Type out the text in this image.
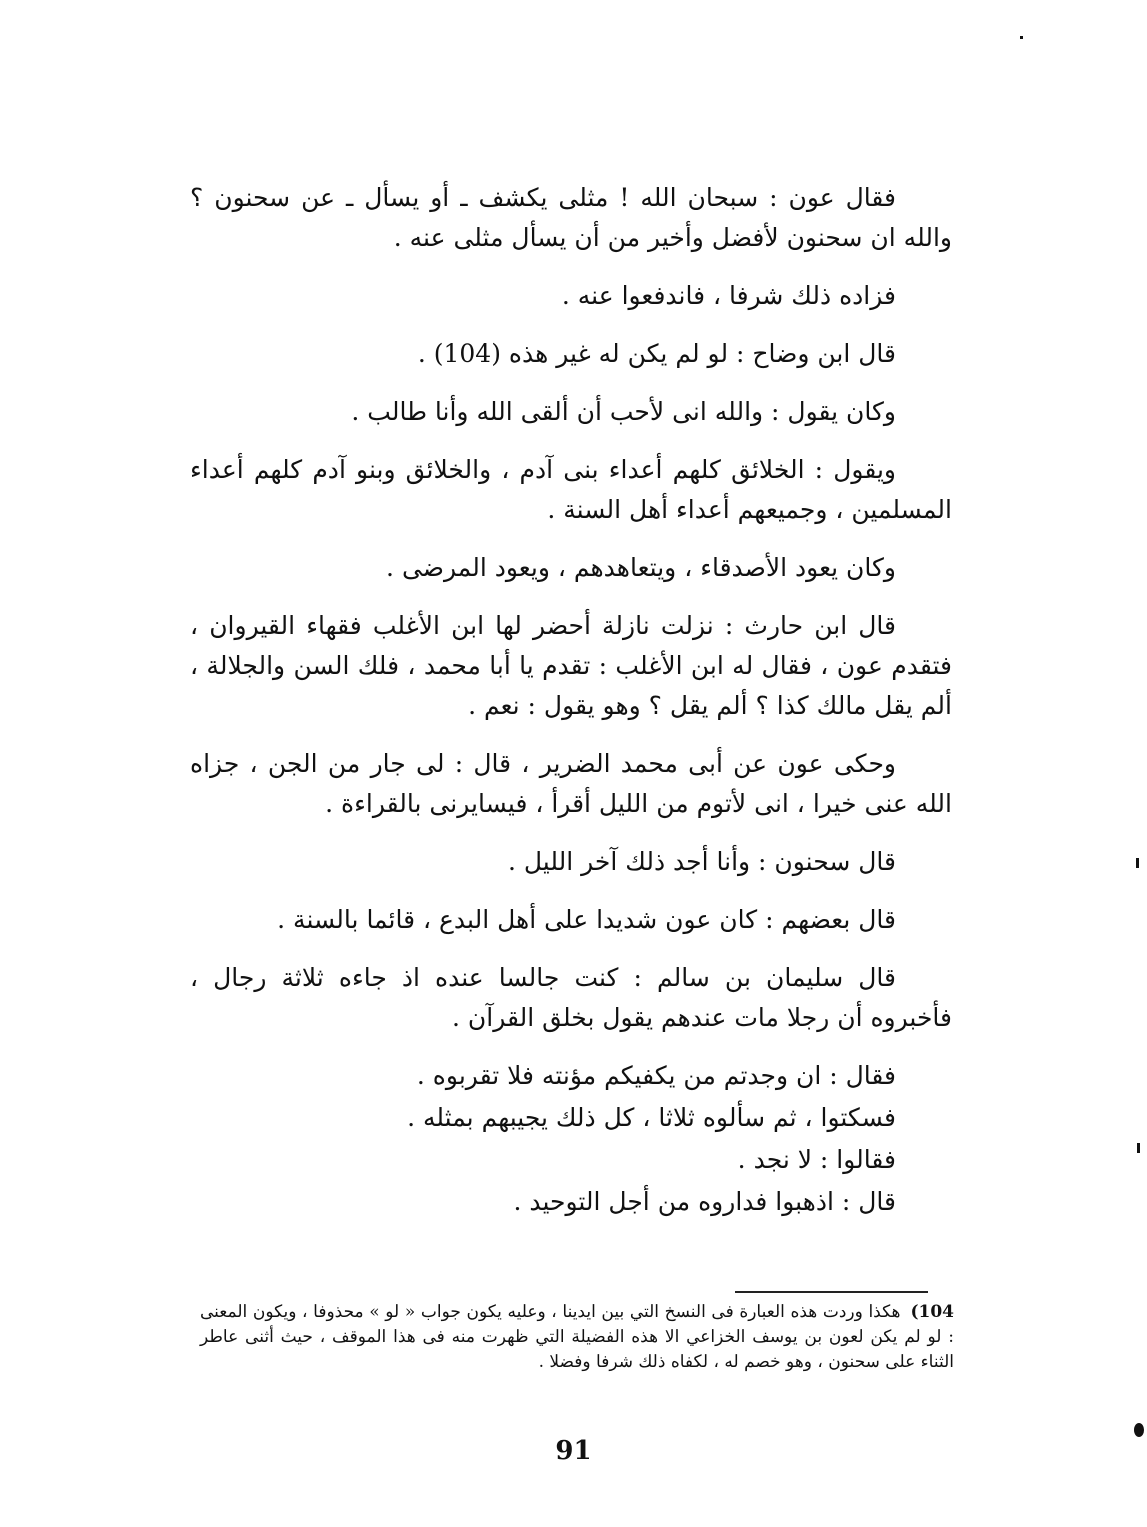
فقال عون : سبحان الله ! مثلى يكشف ـ أو يسأل ـ عن سحنون ؟ والله ان سحنون لأفضل وأخير من أن يسأل مثلى عنه .

فزاده ذلك شرفا ، فاندفعوا عنه .

قال ابن وضاح : لو لم يكن له غير هذه (104) .

وكان يقول : والله انى لأحب أن ألقى الله وأنا طالب .

ويقول : الخلائق كلهم أعداء بنى آدم ، والخلائق وبنو آدم كلهم أعداء المسلمين ، وجميعهم أعداء أهل السنة .

وكان يعود الأصدقاء ، ويتعاهدهم ، ويعود المرضى .

قال ابن حارث : نزلت نازلة أحضر لها ابن الأغلب فقهاء القيروان ، فتقدم عون ، فقال له ابن الأغلب : تقدم يا أبا محمد ، فلك السن والجلالة ، ألم يقل مالك كذا ؟ ألم يقل ؟ وهو يقول : نعم .

وحكى عون عن أبى محمد الضرير ، قال : لى جار من الجن ، جزاه الله عنى خيرا ، انى لأتوم من الليل أقرأ ، فيسايرنى بالقراءة .

قال سحنون : وأنا أجد ذلك آخر الليل .

قال بعضهم : كان عون شديدا على أهل البدع ، قائما بالسنة .

قال سليمان بن سالم : كنت جالسا عنده اذ جاءه ثلاثة رجال ، فأخبروه أن رجلا مات عندهم يقول بخلق القرآن .

فقال : ان وجدتم من يكفيكم مؤنته فلا تقربوه .

فسكتوا ، ثم سألوه ثلاثا ، كل ذلك يجيبهم بمثله .

فقالوا : لا نجد .

قال : اذهبوا فداروه من أجل التوحيد .

104)هكذا وردت هذه العبارة فى النسخ التي بين ايدينا ، وعليه يكون جواب « لو » محذوفا ، ويكون المعنى : لو لم يكن لعون بن يوسف الخزاعي الا هذه الفضيلة التي ظهرت منه فى هذا الموقف ، حيث أثنى عاطر الثناء على سحنون ، وهو خصم له ، لكفاه ذلك شرفا وفضلا .
91
